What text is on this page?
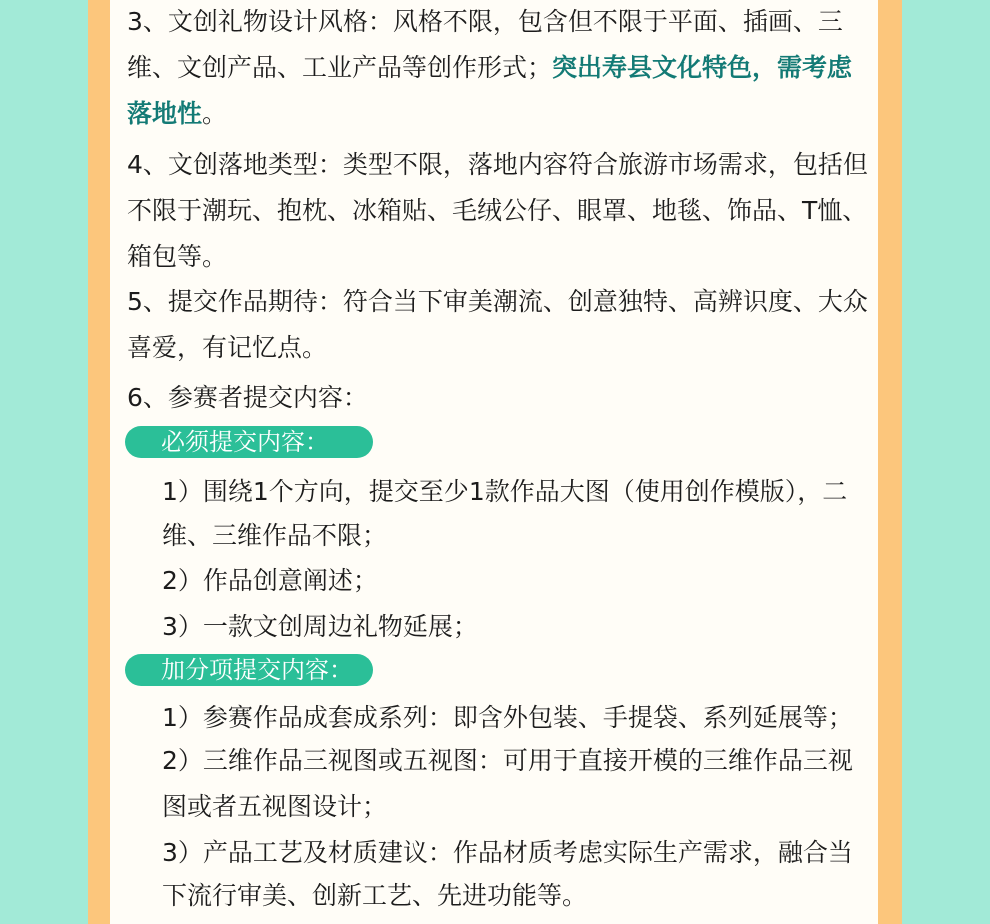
3、文创礼物设计风格：风格不限，包含但不限于平面、插画、三
维、文创产品、工业产品等创作形式；突出寿县文化特色，需考虑
落地性。
4、文创落地类型：类型不限，落地内容符合旅游市场需求，包括但
不限于潮玩、抱枕、冰箱贴、毛绒公仔、眼罩、地毯、饰品、T恤、
箱包等。
5、提交作品期待：符合当下审美潮流、创意独特、高辨识度、大众
喜爱，有记忆点。
6、参赛者提交内容：
必须提交内容：
1）围绕1个方向，提交至少1款作品大图（使用创作模版），二
维、三维作品不限；
2）作品创意阐述；
3）一款文创周边礼物延展；
加分项提交内容：
1）参赛作品成套成系列：即含外包装、手提袋、系列延展等；
2）三维作品三视图或五视图：可用于直接开模的三维作品三视
图或者五视图设计；
3）产品工艺及材质建议：作品材质考虑实际生产需求，融合当
下流行审美、创新工艺、先进功能等。
